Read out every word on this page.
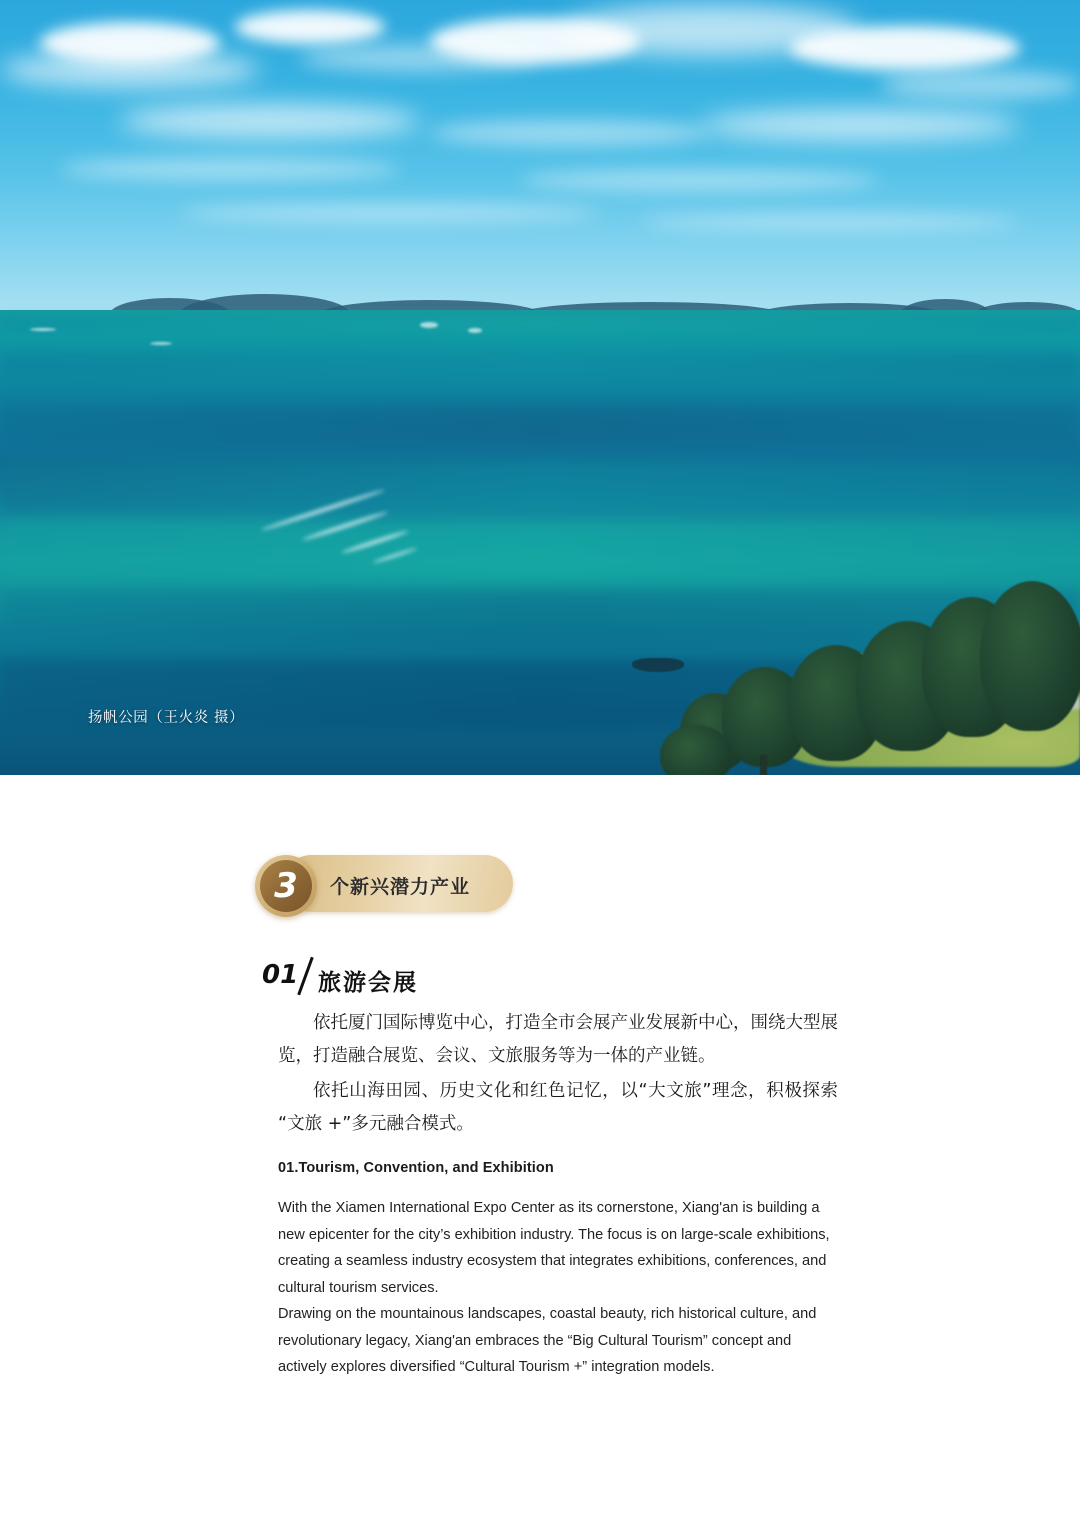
扬帆公园（王火炎 摄）
个新兴潜力产业
3
01 旅游会展

依托厦门国际博览中心，打造全市会展产业发展新中心，围绕大型展览，打造融合展览、会议、文旅服务等为一体的产业链。

依托山海田园、历史文化和红色记忆，以“大文旅”理念，积极探索“文旅 +”多元融合模式。

01.Tourism, Convention, and Exhibition

With the Xiamen International Expo Center as its cornerstone, Xiang'an is building a new epicenter for the city’s exhibition industry. The focus is on large-scale exhibitions, creating a seamless industry ecosystem that integrates exhibitions, conferences, and cultural tourism services.

Drawing on the mountainous landscapes, coastal beauty, rich historical culture, and revolutionary legacy, Xiang'an embraces the “Big Cultural Tourism” concept and actively explores diversified “Cultural Tourism +” integration models.
